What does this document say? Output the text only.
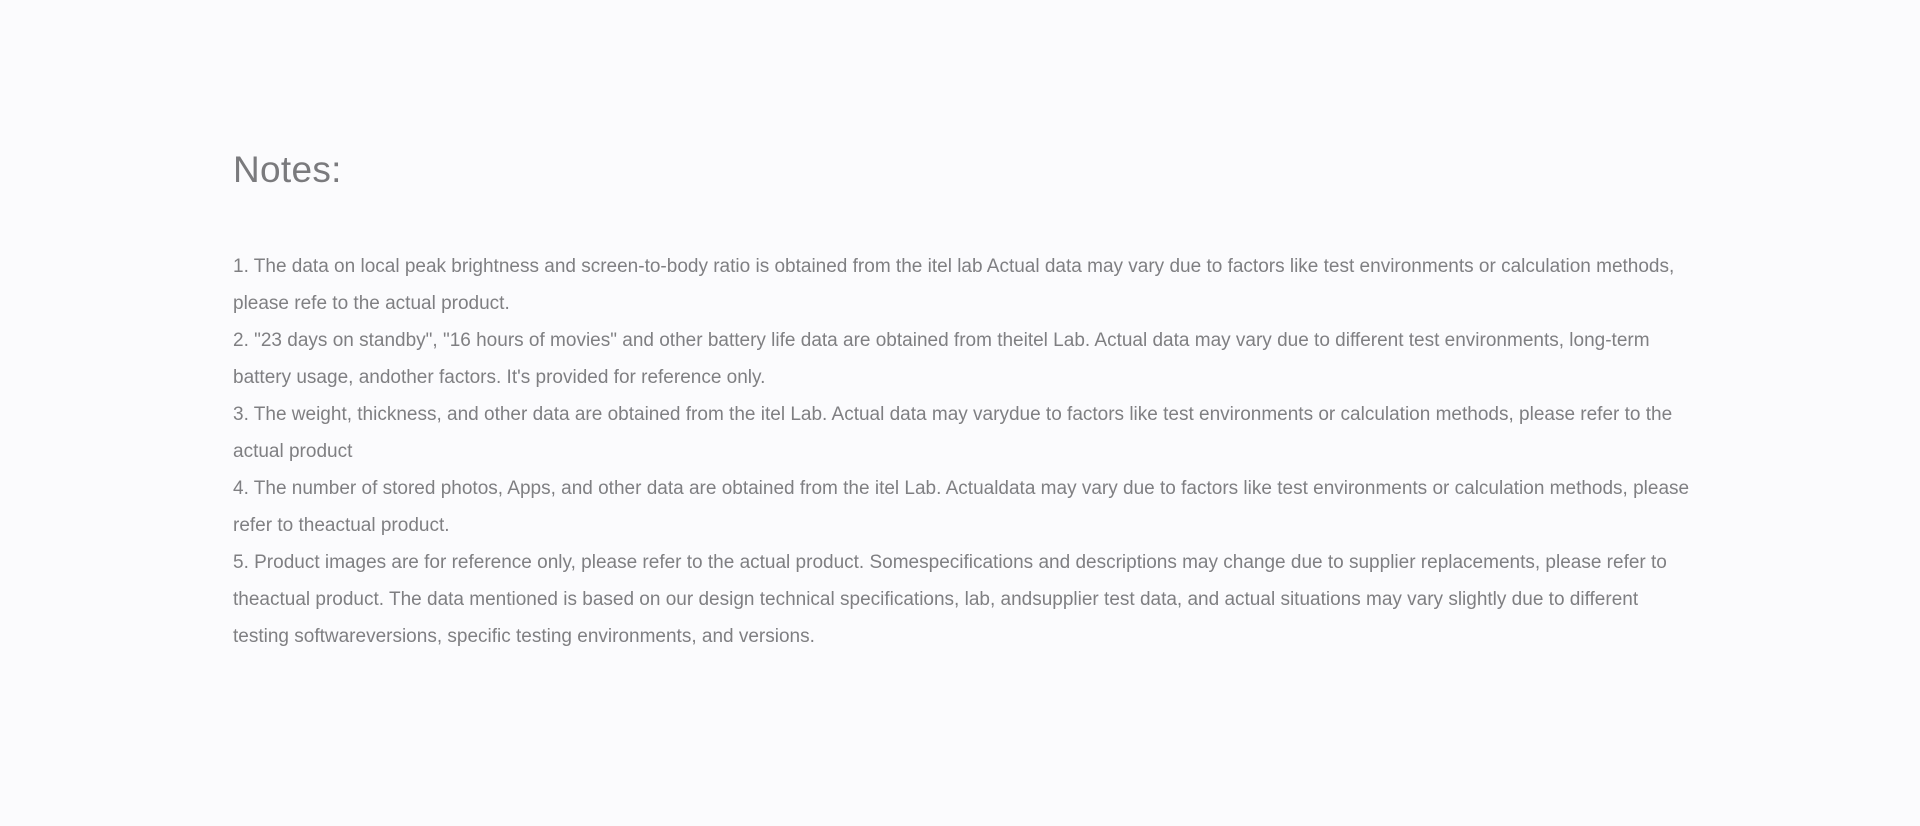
Notes:
1. The data on local peak brightness and screen-to-body ratio is obtained from the itel lab Actual data may vary due to factors like test environments or calculation methods, please refe to the actual product.
2. "23 days on standby", "16 hours of movies" and other battery life data are obtained from theitel Lab. Actual data may vary due to different test environments, long-term battery usage, andother factors. It's provided for reference only.
3. The weight, thickness, and other data are obtained from the itel Lab. Actual data may varydue to factors like test environments or calculation methods, please refer to the actual product
4. The number of stored photos, Apps, and other data are obtained from the itel Lab. Actualdata may vary due to factors like test environments or calculation methods, please refer to theactual product.
5. Product images are for reference only, please refer to the actual product. Somespecifications and descriptions may change due to supplier replacements, please refer to theactual product. The data mentioned is based on our design technical specifications, lab, andsupplier test data, and actual situations may vary slightly due to different testing softwareversions, specific testing environments, and versions.
